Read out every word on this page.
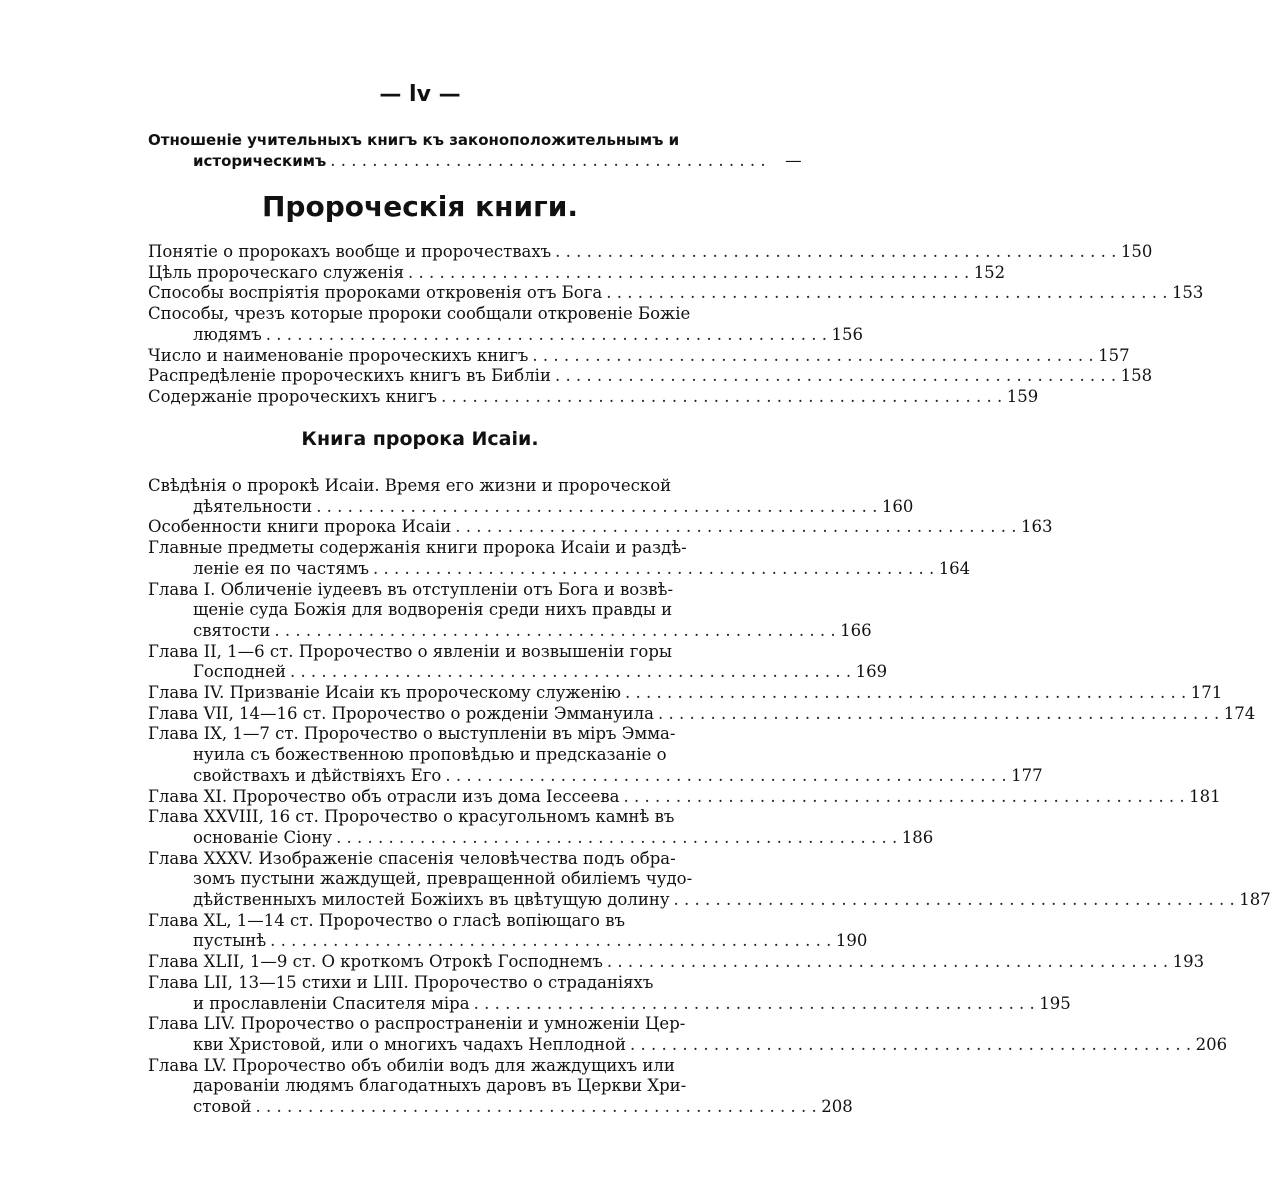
— lv —
Отношенiе учительныхъ книгъ къ законоположительнымъ и
историческимъ . . . . . . . . . . . . . . . . . . . . . . . . . . . . . . . . . . . . . . . . . .	—
Пророческiя книги.
Понятiе о пророкахъ вообще и пророчествахъ . . . . . . . . . . . . . . . . . . . . . . . . . . . . . . . . . . . . . . . . . . . . . . . . . . . . . . 150
Цѣль пророческаго служенiя . . . . . . . . . . . . . . . . . . . . . . . . . . . . . . . . . . . . . . . . . . . . . . . . . . . . . . 152
Способы воспрiятiя пророками откровенiя отъ Бога . . . . . . . . . . . . . . . . . . . . . . . . . . . . . . . . . . . . . . . . . . . . . . . . . . . . . . 153
Способы, чрезъ которые пророки сообщали откровенiе Божiе
людямъ . . . . . . . . . . . . . . . . . . . . . . . . . . . . . . . . . . . . . . . . . . . . . . . . . . . . . . 156
Число и наименованiе пророческихъ книгъ . . . . . . . . . . . . . . . . . . . . . . . . . . . . . . . . . . . . . . . . . . . . . . . . . . . . . . 157
Распредѣленiе пророческихъ книгъ въ Библiи . . . . . . . . . . . . . . . . . . . . . . . . . . . . . . . . . . . . . . . . . . . . . . . . . . . . . . 158
Содержанiе пророческихъ книгъ . . . . . . . . . . . . . . . . . . . . . . . . . . . . . . . . . . . . . . . . . . . . . . . . . . . . . . 159
Книга пророка Исаiи.
Свѣдѣнiя о пророкѣ Исаiи. Время его жизни и пророческой
дѣятельности . . . . . . . . . . . . . . . . . . . . . . . . . . . . . . . . . . . . . . . . . . . . . . . . . . . . . . 160
Особенности книги пророка Исаiи . . . . . . . . . . . . . . . . . . . . . . . . . . . . . . . . . . . . . . . . . . . . . . . . . . . . . . 163
Главные предметы содержанiя книги пророка Исаiи и раздѣ-
ленiе ея по частямъ . . . . . . . . . . . . . . . . . . . . . . . . . . . . . . . . . . . . . . . . . . . . . . . . . . . . . . 164
Глава I. Обличенiе iудеевъ въ отступленiи отъ Бога и возвѣ-
щенiе суда Божiя для водворенiя среди нихъ правды и
святости . . . . . . . . . . . . . . . . . . . . . . . . . . . . . . . . . . . . . . . . . . . . . . . . . . . . . . 166
Глава II, 1—6 ст. Пророчество о явленiи и возвышенiи горы
Господней . . . . . . . . . . . . . . . . . . . . . . . . . . . . . . . . . . . . . . . . . . . . . . . . . . . . . . 169
Глава IV. Призванiе Исаiи къ пророческому служенiю . . . . . . . . . . . . . . . . . . . . . . . . . . . . . . . . . . . . . . . . . . . . . . . . . . . . . . 171
Глава VII, 14—16 ст. Пророчество о рожденiи Эммануила . . . . . . . . . . . . . . . . . . . . . . . . . . . . . . . . . . . . . . . . . . . . . . . . . . . . . . 174
Глава IX, 1—7 ст. Пророчество о выступленiи въ мiръ Эмма-
нуила съ божественною проповѣдью и предсказанiе о
свойствахъ и дѣйствiяхъ Его . . . . . . . . . . . . . . . . . . . . . . . . . . . . . . . . . . . . . . . . . . . . . . . . . . . . . . 177
Глава XI. Пророчество объ отрасли изъ дома Iессеева . . . . . . . . . . . . . . . . . . . . . . . . . . . . . . . . . . . . . . . . . . . . . . . . . . . . . . 181
Глава XXVIII, 16 ст. Пророчество о красугольномъ камнѣ въ
основанiе Сiону . . . . . . . . . . . . . . . . . . . . . . . . . . . . . . . . . . . . . . . . . . . . . . . . . . . . . . 186
Глава XXXV. Изображенiе спасенiя человѣчества подъ обра-
зомъ пустыни жаждущей, превращенной обилiемъ чудо-
дѣйственныхъ милостей Божiихъ въ цвѣтущую долину . . . . . . . . . . . . . . . . . . . . . . . . . . . . . . . . . . . . . . . . . . . . . . . . . . . . . . 187
Глава XL, 1—14 ст. Пророчество о гласѣ вопiющаго въ
пустынѣ . . . . . . . . . . . . . . . . . . . . . . . . . . . . . . . . . . . . . . . . . . . . . . . . . . . . . . 190
Глава XLII, 1—9 ст. О кроткомъ Отрокѣ Господнемъ . . . . . . . . . . . . . . . . . . . . . . . . . . . . . . . . . . . . . . . . . . . . . . . . . . . . . . 193
Глава LII, 13—15 стихи и LIII. Пророчество о страданiяхъ
и прославленiи Спасителя мiра . . . . . . . . . . . . . . . . . . . . . . . . . . . . . . . . . . . . . . . . . . . . . . . . . . . . . . 195
Глава LIV. Пророчество о распространенiи и умноженiи Цер-
кви Христовой, или о многихъ чадахъ Неплодной . . . . . . . . . . . . . . . . . . . . . . . . . . . . . . . . . . . . . . . . . . . . . . . . . . . . . . 206
Глава LV. Пророчество объ обилiи водъ для жаждущихъ или
дарованiи людямъ благодатныхъ даровъ въ Церкви Хри-
стовой . . . . . . . . . . . . . . . . . . . . . . . . . . . . . . . . . . . . . . . . . . . . . . . . . . . . . . 208
